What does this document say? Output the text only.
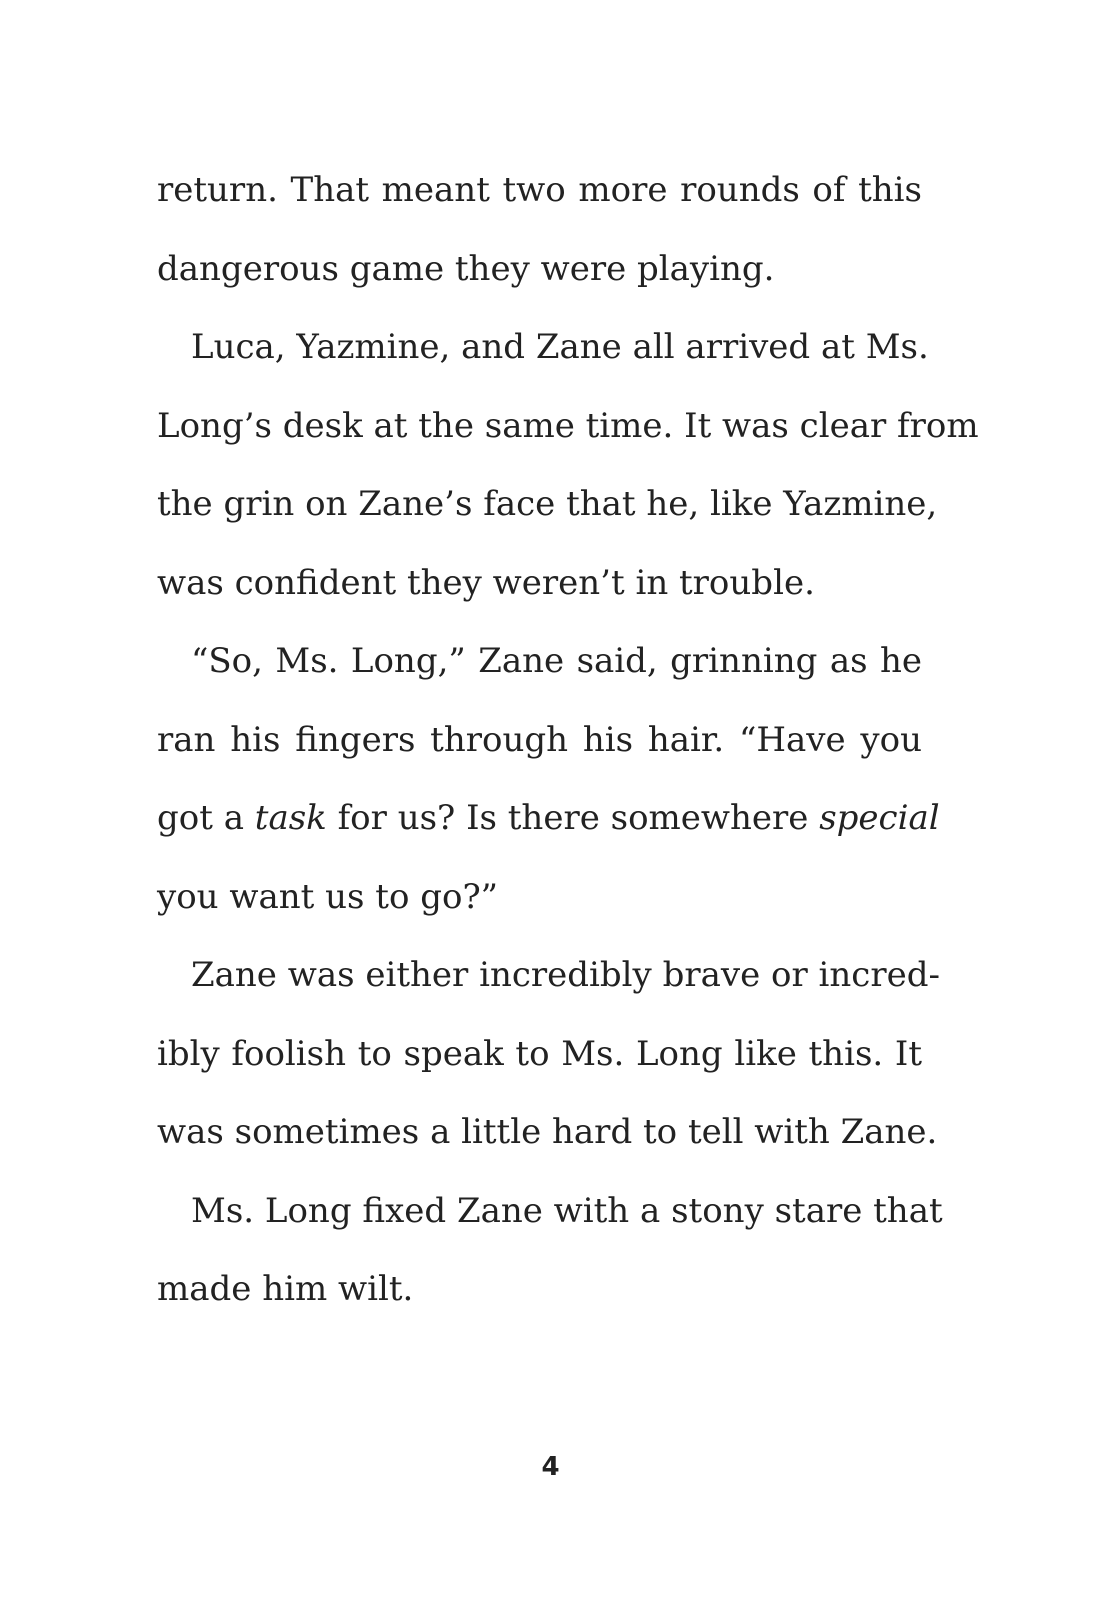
return. That meant two more rounds of this
dangerous game they were playing.
Luca, Yazmine, and Zane all arrived at Ms.
Long’s desk at the same time. It was clear from
the grin on Zane’s face that he, like Yazmine,
was confident they weren’t in trouble.
“So, Ms. Long,” Zane said, grinning as he
ran his fingers through his hair. “Have you
got a task for us? Is there somewhere special
you want us to go?”
Zane was either incredibly brave or incred-
ibly foolish to speak to Ms. Long like this. It
was sometimes a little hard to tell with Zane.
Ms. Long fixed Zane with a stony stare that
made him wilt.
4
